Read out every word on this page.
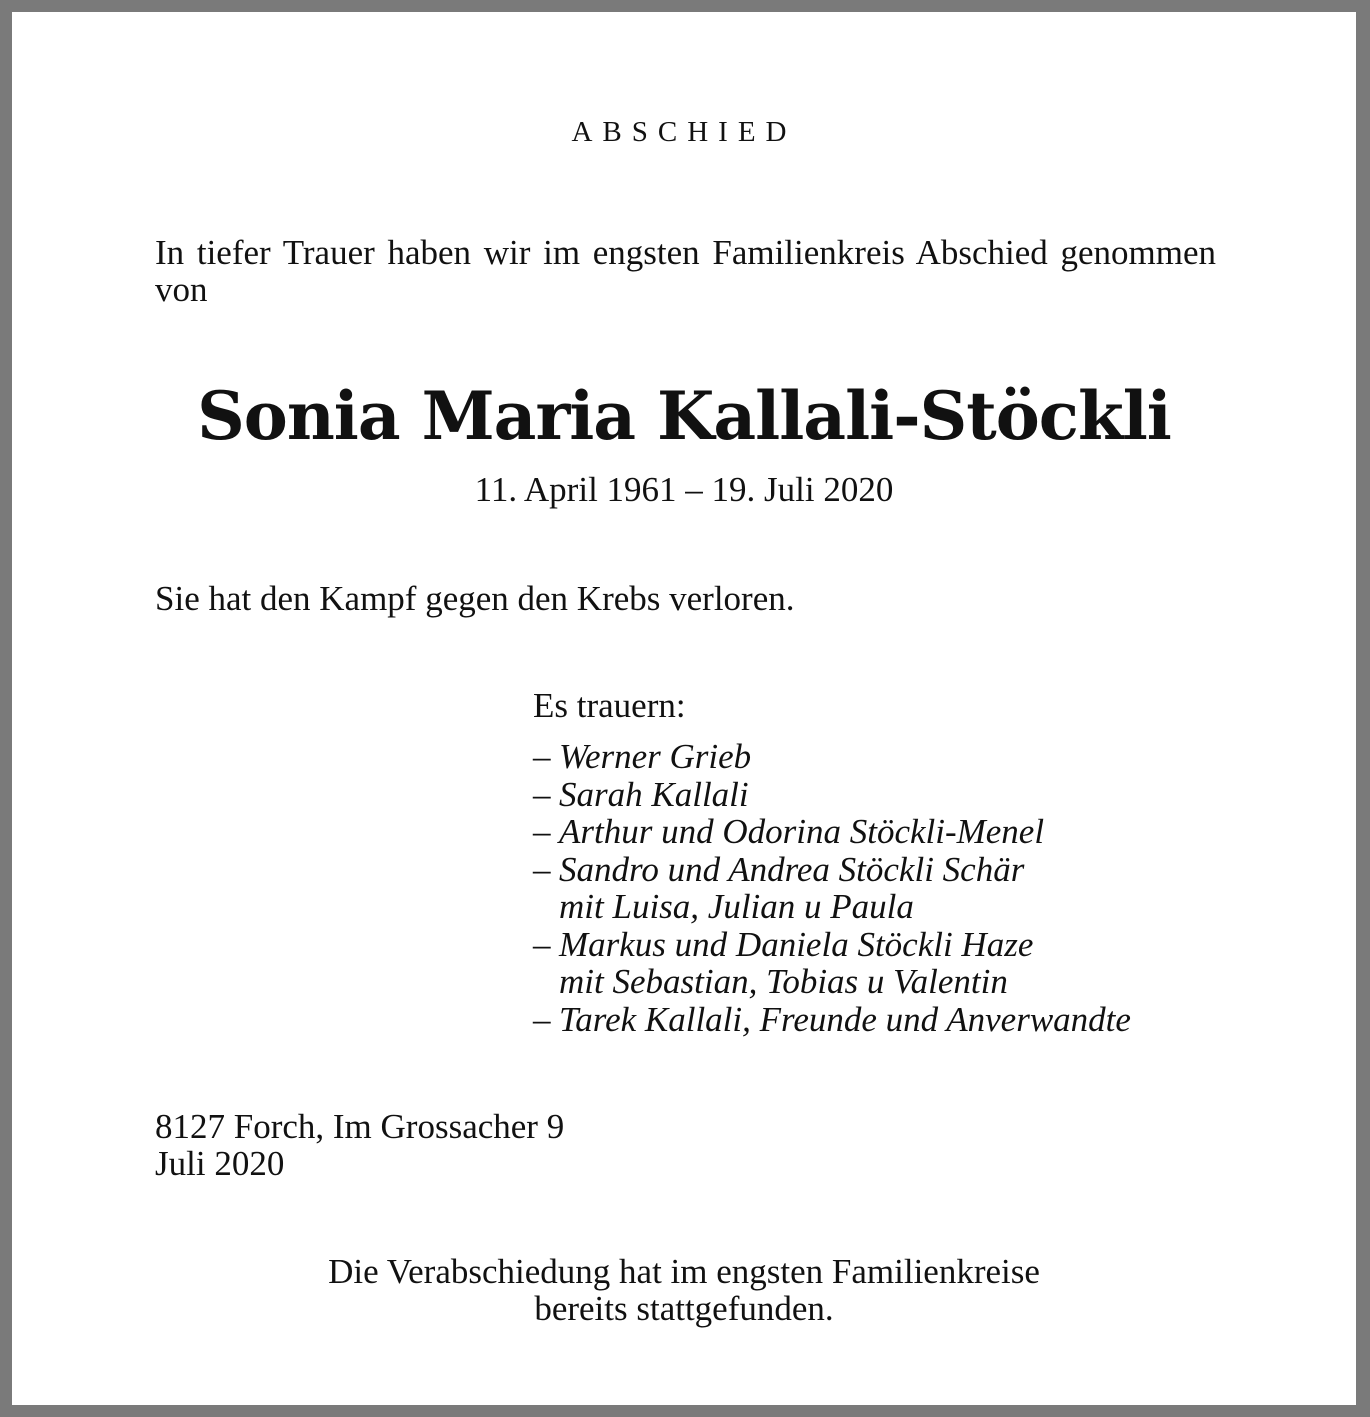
ABSCHIED
In tiefer Trauer haben wir im engsten Familienkreis Abschied genommen von
Sonia Maria Kallali-Stöckli
11. April 1961 – 19. Juli 2020
Sie hat den Kampf gegen den Krebs verloren.
Es trauern:
– Werner Grieb
– Sarah Kallali
– Arthur und Odorina Stöckli-Menel
– Sandro und Andrea Stöckli Schär
mit Luisa, Julian u Paula
– Markus und Daniela Stöckli Haze
mit Sebastian, Tobias u Valentin
– Tarek Kallali, Freunde und Anverwandte
8127 Forch, Im Grossacher 9
Juli 2020
Die Verabschiedung hat im engsten Familienkreise
bereits stattgefunden.
